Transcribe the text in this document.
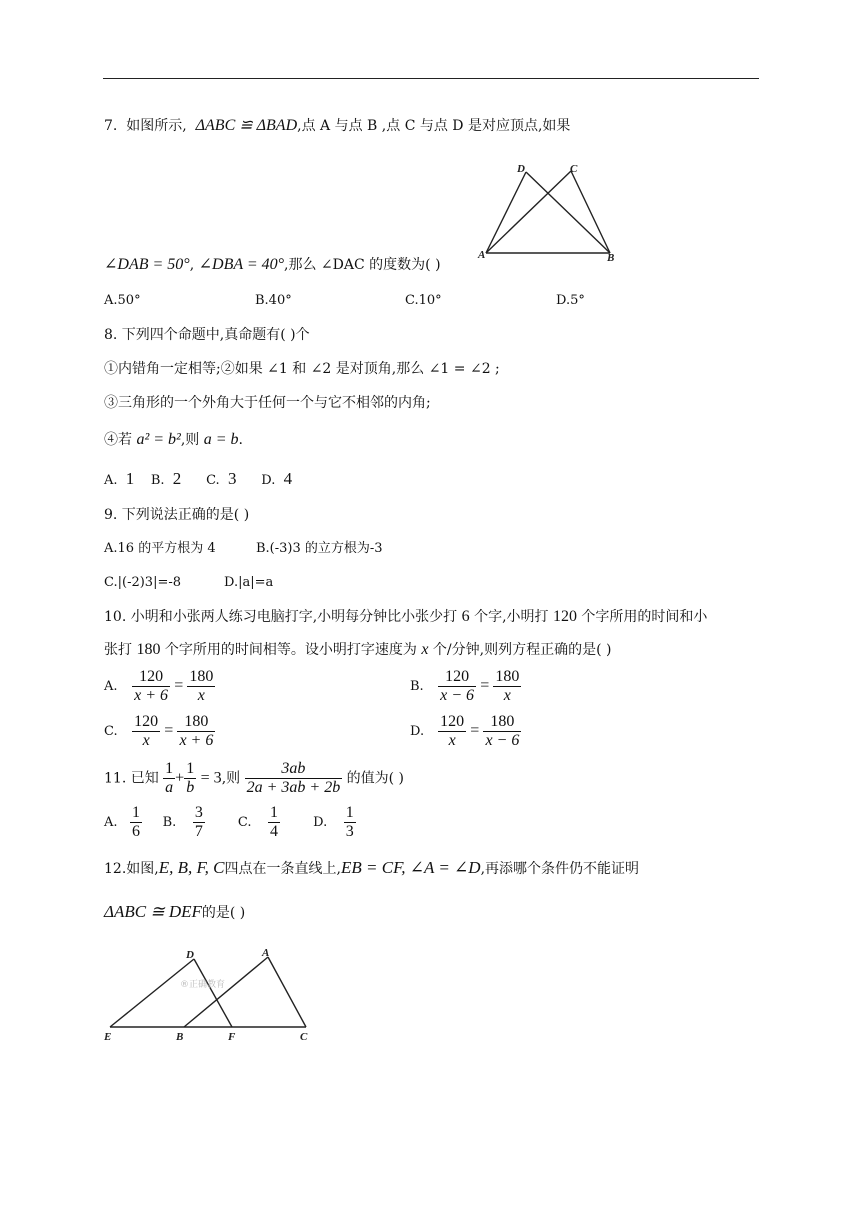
7. 如图所示, ΔABC ≌ ΔBAD,点 A 与点 B ,点 C 与点 D 是对应顶点,如果
D	C
A	B
∠DAB = 50°, ∠DBA = 40°,那么 ∠DAC 的度数为( )
A.50°	B.40°	C.10°	D.5°
8. 下列四个命题中,真命题有( )个
①内错角一定相等;②如果 ∠1 和 ∠2 是对顶角,那么 ∠1 = ∠2 ;
③三角形的一个外角大于任何一个与它不相邻的内角;
④若 a² = b²,则 a = b.
A. 1 B. 2 C. 3 D. 4
9. 下列说法正确的是( )
A.16 的平方根为 4	B.(-3)3 的立方根为-3
C.|(-2)3|=-8	D.|a|=a
10. 小明和小张两人练习电脑打字,小明每分钟比小张少打 6 个字,小明打 120 个字所用的时间和小
张打 180 个字所用的时间相等。设小明打字速度为 x 个/分钟,则列方程正确的是( )
A. $\frac{120}{x + 6} = \frac{180}{x}$	B. $\frac{120}{x - 6} = \frac{180}{x}$
C. $\frac{120}{x} = \frac{180}{x + 6}$	D. $\frac{120}{x} = \frac{180}{x - 6}$
11. 已知 $\frac{1}{a} + \frac{1}{b} = 3$,则 $\frac{3ab}{2a + 3ab + 2b}$ 的值为( )
A. $\frac{1}{6} B$. $\frac{3}{7}$	C. $\frac{1}{4}$	D. $\frac{1}{3}$
12.如图,E, B, F, C四点在一条直线上,EB = CF, ∠A = ∠D,再添哪个条件仍不能证明
ΔABC ≅ DEF的是( )
D	A
E	B	F	C
®正确教育
